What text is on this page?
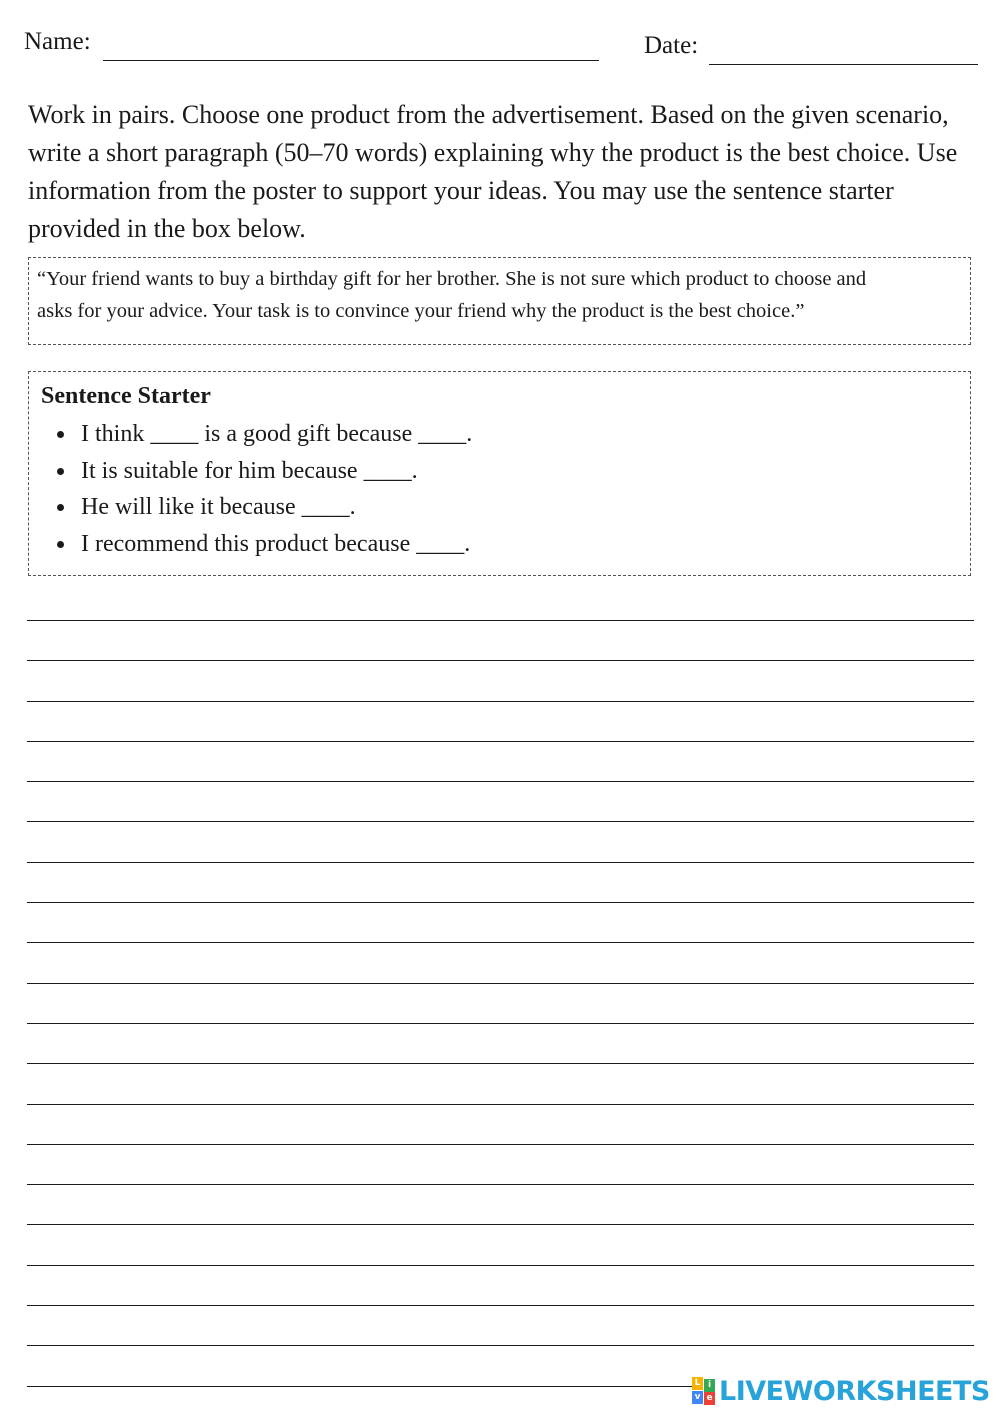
Name:	Date:

Work in pairs. Choose one product from the advertisement. Based on the given scenario, write a short paragraph (50–70 words) explaining why the product is the best choice. Use information from the poster to support your ideas. You may use the sentence starter provided in the box below.

“Your friend wants to buy a birthday gift for her brother. She is not sure which product to choose and
asks for your advice. Your task is to convince your friend why the product is the best choice.”

Sentence Starter

I think ____ is a good gift because ____.
It is suitable for him because ____.
He will like it because ____.
I recommend this product because ____.
L i
v e LIVEWORKSHEETS
